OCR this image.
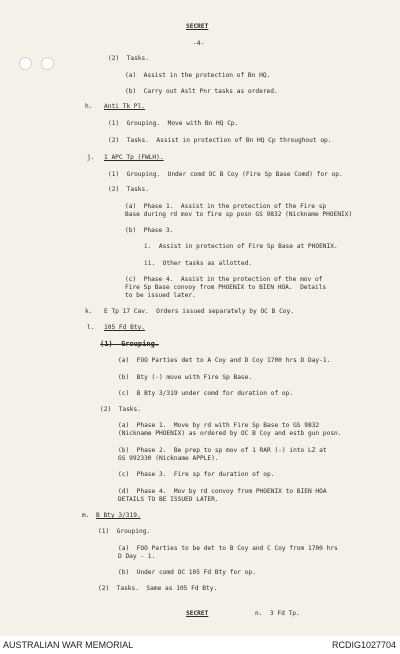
SECRET
-4-
(2)  Tasks.
(a)  Assist in the protection of Bn HQ.
(b)  Carry out Aslt Pnr tasks as ordered.
h. Anti Tk Pl.
(1)  Grouping.  Move with Bn HQ Cp.
(2)  Tasks.  Assist in protection of Bn HQ Cp throughout op.
j. 1 APC Tp (FWLH).
(1)  Grouping.  Under comd OC B Coy (Fire Sp Base Comd) for op.
(2)  Tasks.
(a)  Phase 1.  Assist in the protection of the Fire sp
Base during rd mov to fire sp posn GS 9832 (Nickname PHOENIX)
(b)  Phase 3.
i.  Assist in protection of Fire Sp Base at PHOENIX.
ii.  Other tasks as allotted.
(c)  Phase 4.  Assist in the protection of the mov of
Fire Sp Base convoy from PHOENIX to BIEN HOA.  Details
to be issued later.
k. E Tp 17 Cav.  Orders issued separately by OC B Coy.
l. 105 Fd Bty.
(1)  Grouping.
(a)  FOO Parties det to A Coy and D Coy 1700 hrs D Day-1.
(b)  Bty (-) move with Fire Sp Base.
(c)  B Bty 3/319 under comd for duration of op.
(2)  Tasks.
(a)  Phase 1.  Move by rd with Fire Sp Base to GS 9832
(Nickname PHOENIX) as ordered by OC B Coy and estb gun posn.
(b)  Phase 2.  Be prep to sp mov of 1 RAR (-) into LZ at
GS 992330 (Nickname APPLE).
(c)  Phase 3.  Fire sp for duration of op.
(d)  Phase 4.  Mov by rd convoy from PHOENIX to BIEN HOA
DETAILS TO BE ISSUED LATER.
m. B Bty 3/319.
(1)  Grouping.
(a)  FOO Parties to be det to B Coy and C Coy from 1700 hrs
D Day - 1.
(b)  Under comd OC 105 Fd Bty for op.
(2)  Tasks.  Same as 105 Fd Bty.
SECRET	n.  3 Fd Tp.
AUSTRALIAN WAR MEMORIAL	RCDIG1027704
